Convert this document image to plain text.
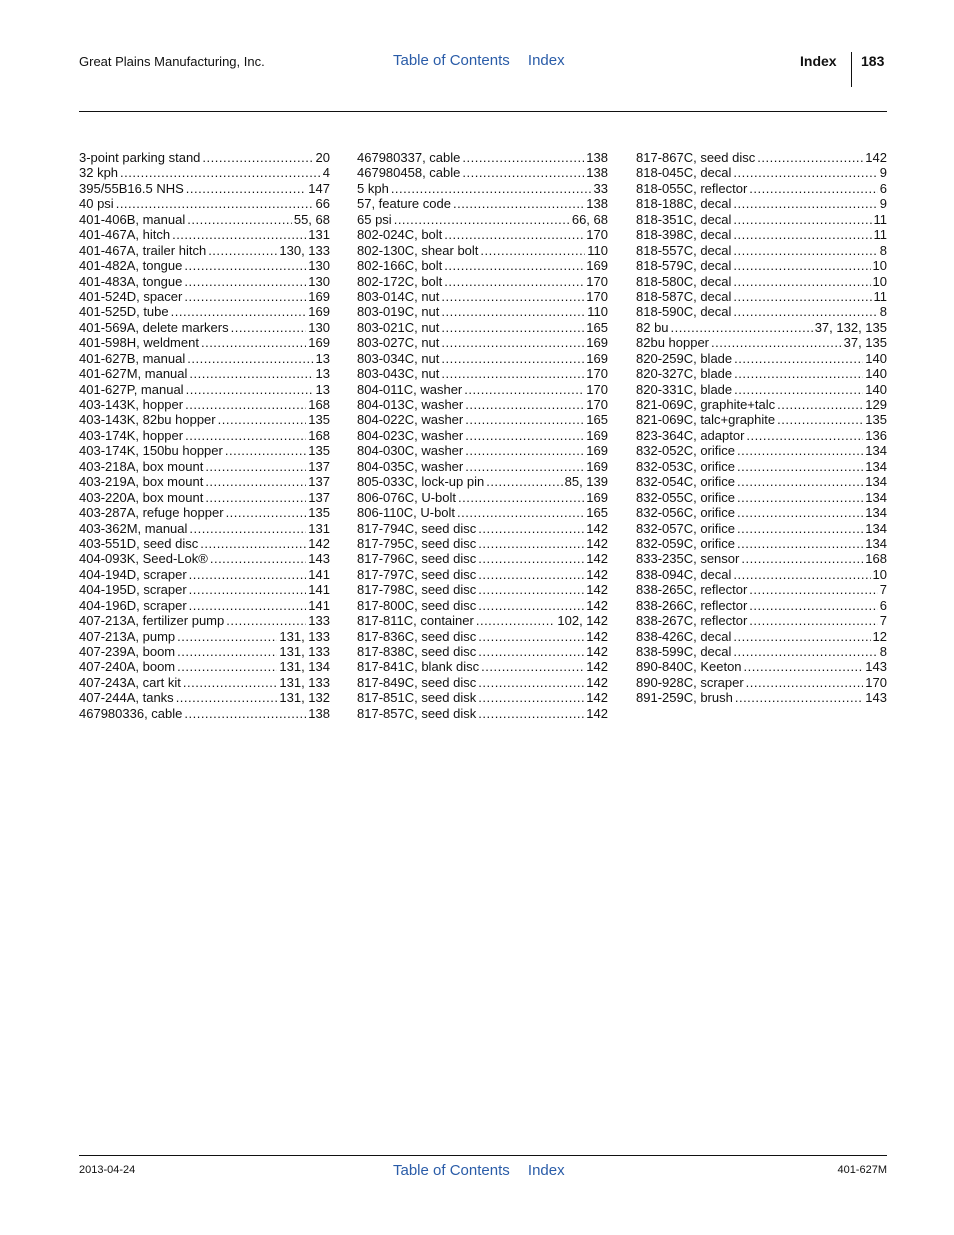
Great Plains Manufacturing, Inc.	Table of Contents Index	Index 183
3-point parking stand .....	20
32 kph .....	4
395/55B16.5 NHS .....	147
40 psi .....	66
401-406B, manual .....	55, 68
401-467A, hitch .....	131
401-467A, trailer hitch .....	130, 133
401-482A, tongue .....	130
401-483A, tongue .....	130
401-524D, spacer .....	169
401-525D, tube .....	169
401-569A, delete markers .....	130
401-598H, weldment .....	169
401-627B, manual .....	13
401-627M, manual .....	13
401-627P, manual .....	13
403-143K, hopper .....	168
403-143K, 82bu hopper .....	135
403-174K, hopper .....	168
403-174K, 150bu hopper .....	135
403-218A, box mount .....	137
403-219A, box mount .....	137
403-220A, box mount .....	137
403-287A, refuge hopper .....	135
403-362M, manual .....	131
403-551D, seed disc .....	142
404-093K, Seed-Lok® .....	143
404-194D, scraper .....	141
404-195D, scraper .....	141
404-196D, scraper .....	141
407-213A, fertilizer pump .....	133
407-213A, pump .....	131, 133
407-239A, boom .....	131, 133
407-240A, boom .....	131, 134
407-243A, cart kit .....	131, 133
407-244A, tanks .....	131, 132
467980336, cable .....	138
467980337, cable .....	138
467980458, cable .....	138
5 kph .....	33
57, feature code .....	138
65 psi .....	66, 68
802-024C, bolt .....	170
802-130C, shear bolt .....	110
802-166C, bolt .....	169
802-172C, bolt .....	170
803-014C, nut .....	170
803-019C, nut .....	110
803-021C, nut .....	165
803-027C, nut .....	169
803-034C, nut .....	169
803-043C, nut .....	170
804-011C, washer .....	170
804-013C, washer .....	170
804-022C, washer .....	165
804-023C, washer .....	169
804-030C, washer .....	169
804-035C, washer .....	169
805-033C, lock-up pin .....	85, 139
806-076C, U-bolt .....	169
806-110C, U-bolt .....	165
817-794C, seed disc .....	142
817-795C, seed disc .....	142
817-796C, seed disc .....	142
817-797C, seed disc .....	142
817-798C, seed disc .....	142
817-800C, seed disc .....	142
817-811C, container .....	102, 142
817-836C, seed disc .....	142
817-838C, seed disc .....	142
817-841C, blank disc .....	142
817-849C, seed disc .....	142
817-851C, seed disk .....	142
817-857C, seed disk .....	142
817-867C, seed disc .....	142
818-045C, decal .....	9
818-055C, reflector .....	6
818-188C, decal .....	9
818-351C, decal .....	11
818-398C, decal .....	11
818-557C, decal .....	8
818-579C, decal .....	10
818-580C, decal .....	10
818-587C, decal .....	11
818-590C, decal .....	8
82 bu .....	37, 132, 135
82bu hopper .....	37, 135
820-259C, blade .....	140
820-327C, blade .....	140
820-331C, blade .....	140
821-069C, graphite+talc .....	129
821-069C, talc+graphite .....	135
823-364C, adaptor .....	136
832-052C, orifice .....	134
832-053C, orifice .....	134
832-054C, orifice .....	134
832-055C, orifice .....	134
832-056C, orifice .....	134
832-057C, orifice .....	134
832-059C, orifice .....	134
833-235C, sensor .....	168
838-094C, decal .....	10
838-265C, reflector .....	7
838-266C, reflector .....	6
838-267C, reflector .....	7
838-426C, decal .....	12
838-599C, decal .....	8
890-840C, Keeton .....	143
890-928C, scraper .....	170
891-259C, brush .....	143
2013-04-24	Table of Contents Index	401-627M
